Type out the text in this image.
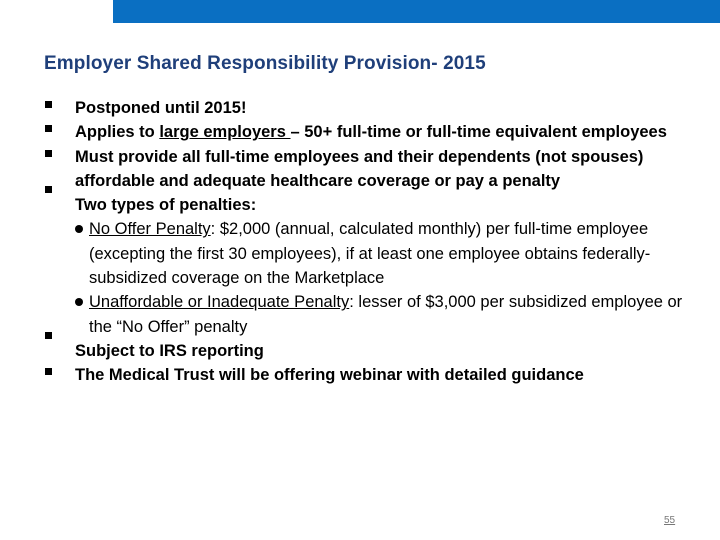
Employer Shared Responsibility Provision- 2015
Postponed until 2015!
Applies to large employers – 50+ full-time or full-time equivalent employees
Must provide all full-time employees and their dependents (not spouses) affordable and adequate healthcare coverage or pay a penalty
Two types of penalties:
No Offer Penalty: $2,000 (annual, calculated monthly) per full-time employee (excepting the first 30 employees), if at least one employee obtains federally-subsidized coverage on the Marketplace
Unaffordable or Inadequate Penalty: lesser of $3,000 per subsidized employee or the “No Offer” penalty
Subject to IRS reporting
The Medical Trust will be offering webinar with detailed guidance
55
